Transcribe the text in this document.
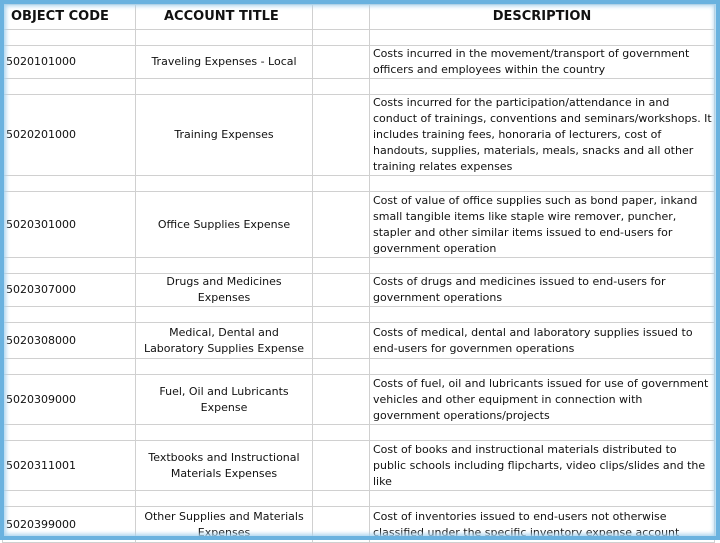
OBJECT CODE	ACCOUNT TITLE		DESCRIPTION

5020101000	Traveling Expenses - Local		Costs incurred in the movement/transport of government officers and employees within the country

5020201000	Training Expenses		Costs incurred for the participation/attendance in and conduct of trainings, conventions and seminars/workshops. It includes training fees, honoraria of lecturers, cost of handouts, supplies, materials, meals, snacks and all other training relates expenses

5020301000	Office Supplies Expense		Cost of value of office supplies such as bond paper, inkand small tangible items like staple wire remover, puncher, stapler and other similar items issued to end-users for government operation

5020307000	Drugs and Medicines Expenses		Costs of drugs and medicines issued to end-users for government operations

5020308000	Medical, Dental and Laboratory Supplies Expense		Costs of medical, dental and laboratory supplies issued to end-users for governmen operations

5020309000	Fuel, Oil and Lubricants Expense		Costs of fuel, oil and lubricants issued for use of government vehicles and other equipment in connection with government operations/projects

5020311001	Textbooks and Instructional Materials Expenses		Cost of books and instructional materials distributed to public schools including flipcharts, video clips/slides and the like

5020399000	Other Supplies and Materials Expenses		Cost of inventories issued to end-users not otherwise classified under the specific inventory expense account
